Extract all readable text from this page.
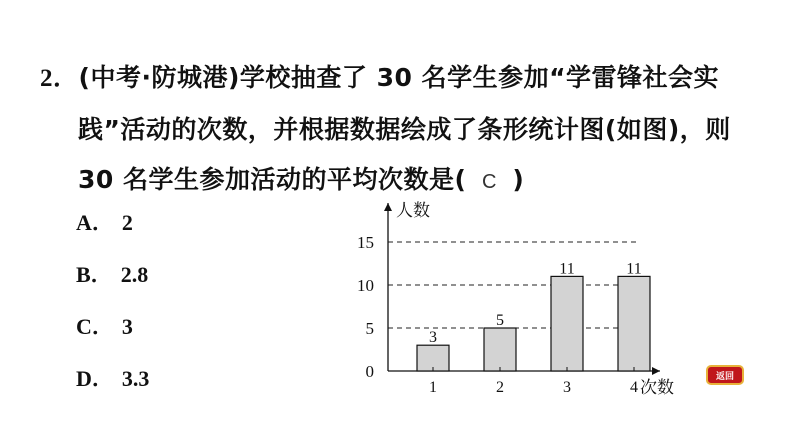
2．(中考·防城港)学校抽查了 30 名学生参加“学雷锋社会实
践”活动的次数，并根据数据绘成了条形统计图(如图)，则
30 名学生参加活动的平均次数是( C )
A． 2
B． 2.8
C． 3
D． 3.3	0
5
10
15
3
1
5
2
11
3
11
4
人数
次数
返回
